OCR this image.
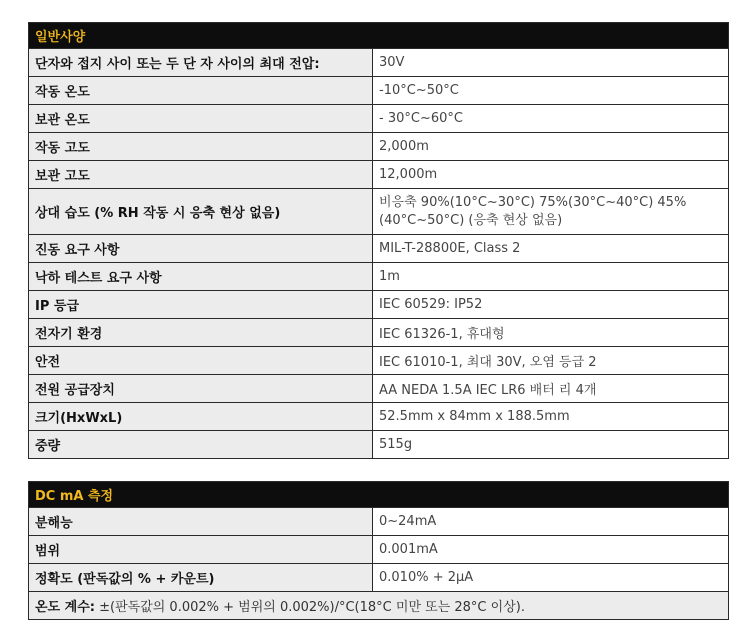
일반사양	
단자와 접지 사이 또는 두 단 자 사이의 최대 전압:	30V
작동 온도	-10°C~50°C
보관 온도	- 30°C~60°C
작동 고도	2,000m
보관 고도	12,000m
상대 습도 (% RH 작동 시 응축 현상 없음)	비응축 90%(10°C~30°C) 75%(30°C~40°C) 45%(40°C~50°C) (응축 현상 없음)
진동 요구 사항	MIL-T-28800E, Class 2
낙하 테스트 요구 사항	1m
IP 등급	IEC 60529: IP52
전자기 환경	IEC 61326-1, 휴대형
안전	IEC 61010-1, 최대 30V, 오염 등급 2
전원 공급장치	AA NEDA 1.5A IEC LR6 배터 리 4개
크기(HxWxL)	52.5mm x 84mm x 188.5mm
중량	515g
DC mA 측정	
분해능	0~24mA
범위	0.001mA
정확도 (판독값의 % + 카운트)	0.010% + 2µA
온도 계수: ±(판독값의 0.002% + 범위의 0.002%)/°C(18°C 미만 또는 28°C 이상).	
